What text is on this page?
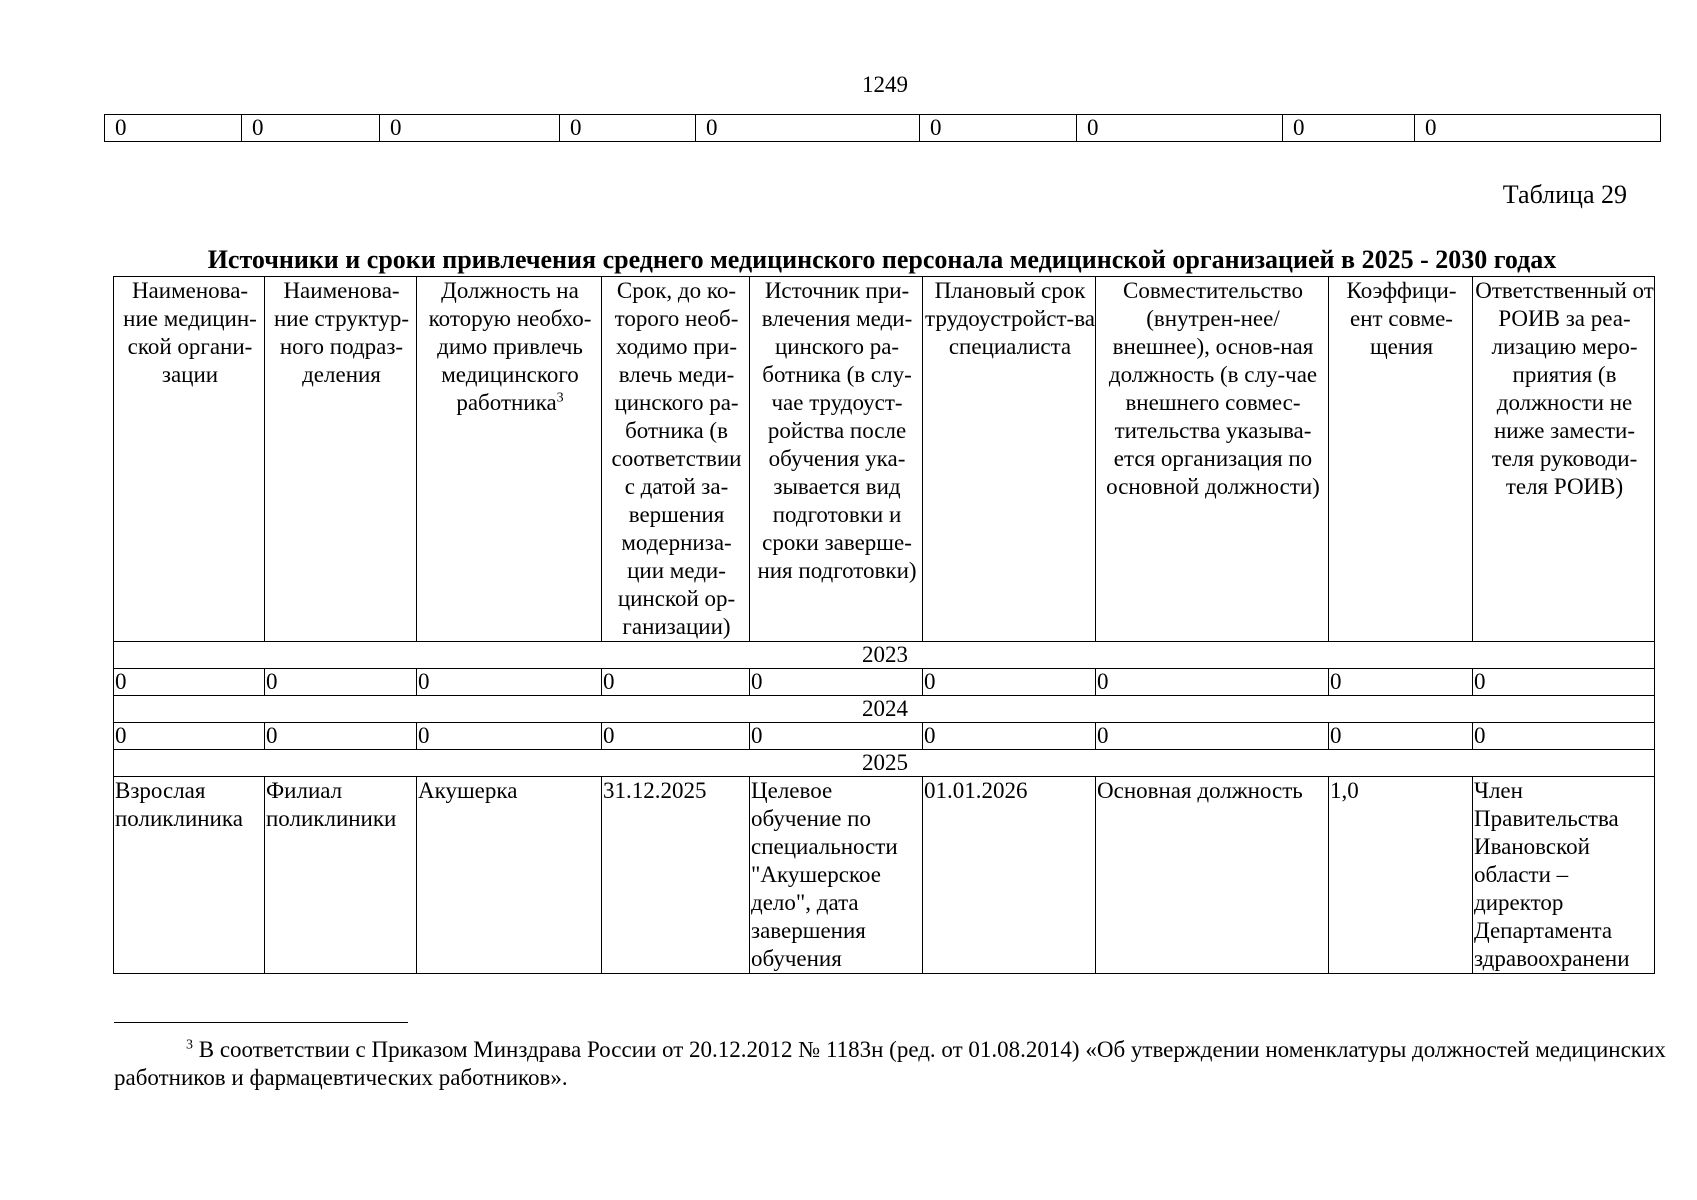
1249
0	0	0	0	0	0	0	0	0
Таблица 29
Источники и сроки привлечения среднего медицинского персонала медицинской организацией в 2025 - 2030 годах
Наименова-ние медицин-ской органи-зации	Наименова-ние структур-ного подраз-деления	Должность на которую необхо-димо привлечь медицинского работника$^3$	Срок, до ко-торого необ-ходимо при-влечь меди-цинского ра-ботника (в соответствии с датой за-вершения модерниза-ции меди-цинской ор-ганизации)	Источник при-влечения меди-цинского ра-ботника (в слу-чае трудоуст-ройства после обучения ука-зывается вид подготовки и сроки заверше-ния подготовки)	Плановый срок трудоустройст-ва специалиста	Совместительство (внутрен-нее/внешнее), основ-ная должность (в слу-чае внешнего совмес-тительства указыва-ется организация по основной должности)	Коэффици-ент совме-щения	Ответственный от РОИВ за реа-лизацию меро-приятия (в должности не ниже замести-теля руководи-теля РОИВ)
2023								
0	0	0	0	0	0	0	0	0
2024								
0	0	0	0	0	0	0	0	0
2025								
Взрослая поликлиника	Филиал поликлиники	Акушерка	31.12.2025	Целевое обучение по специальности "Акушерское дело", дата завершения обучения	01.01.2026	Основная должность	1,0	Член Правительства Ивановской области – директор Департамента здравоохранени
$^3$ В соответствии с Приказом Минздрава России от 20.12.2012 № 1183н (ред. от 01.08.2014) «Об утверждении номенклатуры должностей медицинских работников и фармацевтических работников».
